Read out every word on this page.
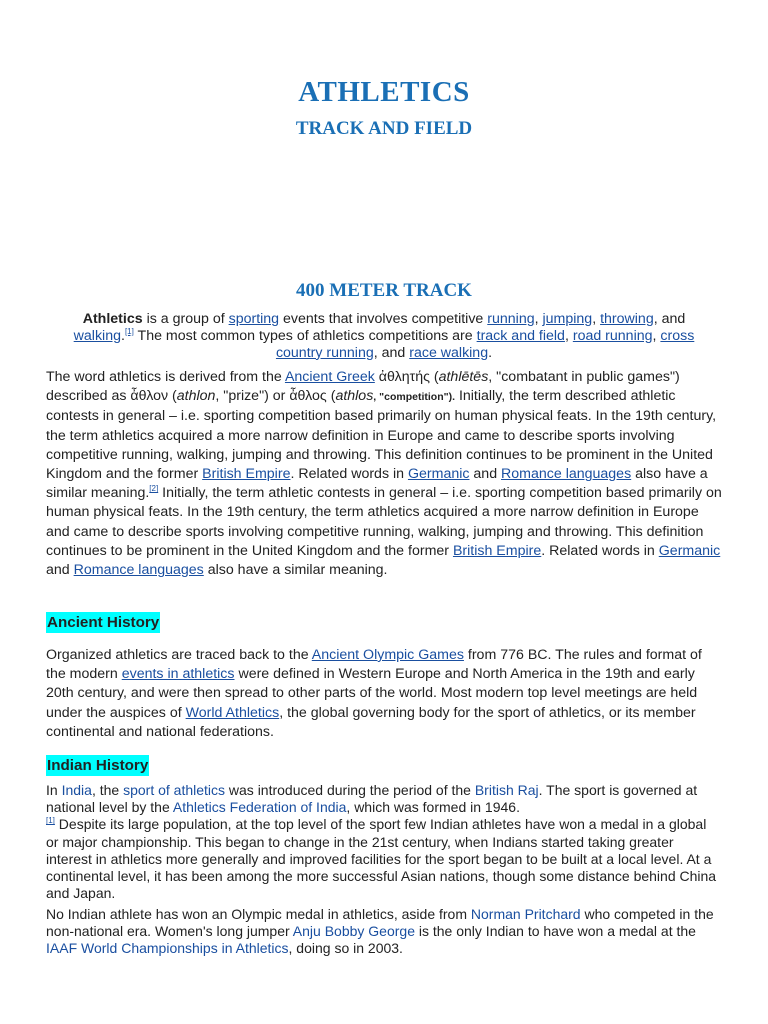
ATHLETICS
TRACK AND FIELD
400 METER TRACK
Athletics is a group of sporting events that involves competitive running, jumping, throwing, and walking.[1] The most common types of athletics competitions are track and field, road running, cross country running, and race walking.
The word athletics is derived from the Ancient Greek ἀθλητής (athlētēs, "combatant in public games") described as ἆθλον (athlon, "prize") or ἆθλος (athlos, "competition"). Initially, the term described athletic contests in general – i.e. sporting competition based primarily on human physical feats. In the 19th century, the term athletics acquired a more narrow definition in Europe and came to describe sports involving competitive running, walking, jumping and throwing. This definition continues to be prominent in the United Kingdom and the former British Empire. Related words in Germanic and Romance languages also have a similar meaning.[2] Initially, the term athletic contests in general – i.e. sporting competition based primarily on human physical feats. In the 19th century, the term athletics acquired a more narrow definition in Europe and came to describe sports involving competitive running, walking, jumping and throwing. This definition continues to be prominent in the United Kingdom and the former British Empire. Related words in Germanic and Romance languages also have a similar meaning.
Ancient History
Organized athletics are traced back to the Ancient Olympic Games from 776 BC. The rules and format of the modern events in athletics were defined in Western Europe and North America in the 19th and early 20th century, and were then spread to other parts of the world. Most modern top level meetings are held under the auspices of World Athletics, the global governing body for the sport of athletics, or its member continental and national federations.
Indian History
In India, the sport of athletics was introduced during the period of the British Raj. The sport is governed at national level by the Athletics Federation of India, which was formed in 1946.
[1] Despite its large population, at the top level of the sport few Indian athletes have won a medal in a global or major championship. This began to change in the 21st century, when Indians started taking greater interest in athletics more generally and improved facilities for the sport began to be built at a local level. At a continental level, it has been among the more successful Asian nations, though some distance behind China and Japan.
No Indian athlete has won an Olympic medal in athletics, aside from Norman Pritchard who competed in the non-national era. Women's long jumper Anju Bobby George is the only Indian to have won a medal at the IAAF World Championships in Athletics, doing so in 2003.
